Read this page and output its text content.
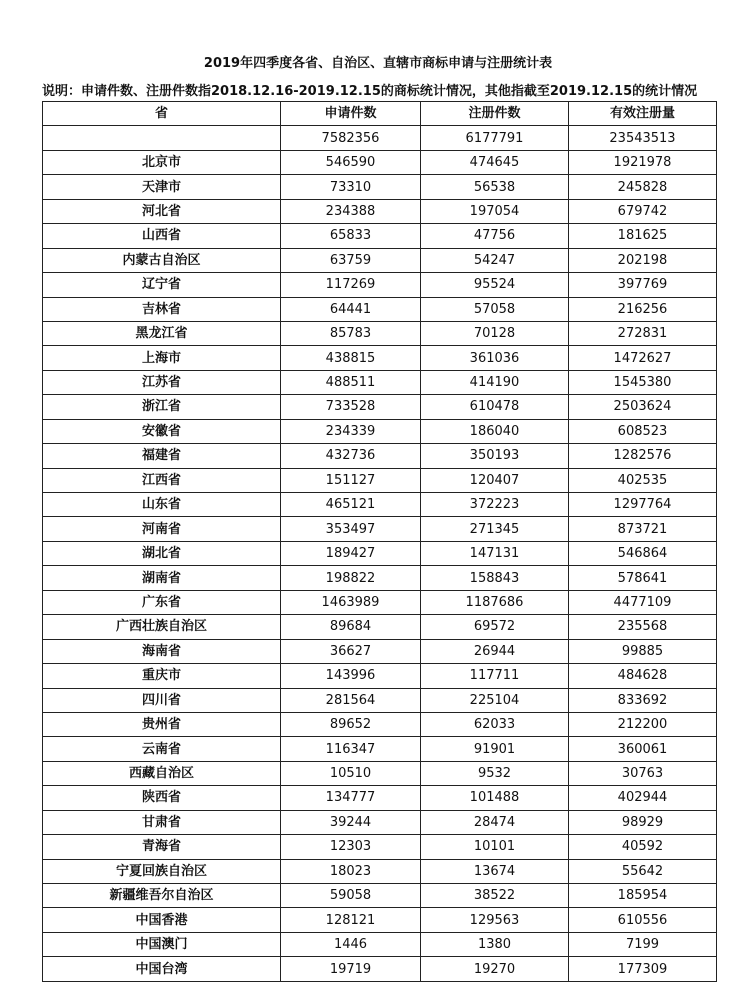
2019年四季度各省、自治区、直辖市商标申请与注册统计表
说明：申请件数、注册件数指2018.12.16-2019.12.15的商标统计情况，其他指截至2019.12.15的统计情况
省	申请件数	注册件数	有效注册量
	7582356	6177791	23543513
北京市	546590	474645	1921978
天津市	73310	56538	245828
河北省	234388	197054	679742
山西省	65833	47756	181625
内蒙古自治区	63759	54247	202198
辽宁省	117269	95524	397769
吉林省	64441	57058	216256
黑龙江省	85783	70128	272831
上海市	438815	361036	1472627
江苏省	488511	414190	1545380
浙江省	733528	610478	2503624
安徽省	234339	186040	608523
福建省	432736	350193	1282576
江西省	151127	120407	402535
山东省	465121	372223	1297764
河南省	353497	271345	873721
湖北省	189427	147131	546864
湖南省	198822	158843	578641
广东省	1463989	1187686	4477109
广西壮族自治区	89684	69572	235568
海南省	36627	26944	99885
重庆市	143996	117711	484628
四川省	281564	225104	833692
贵州省	89652	62033	212200
云南省	116347	91901	360061
西藏自治区	10510	9532	30763
陕西省	134777	101488	402944
甘肃省	39244	28474	98929
青海省	12303	10101	40592
宁夏回族自治区	18023	13674	55642
新疆维吾尔自治区	59058	38522	185954
中国香港	128121	129563	610556
中国澳门	1446	1380	7199
中国台湾	19719	19270	177309
